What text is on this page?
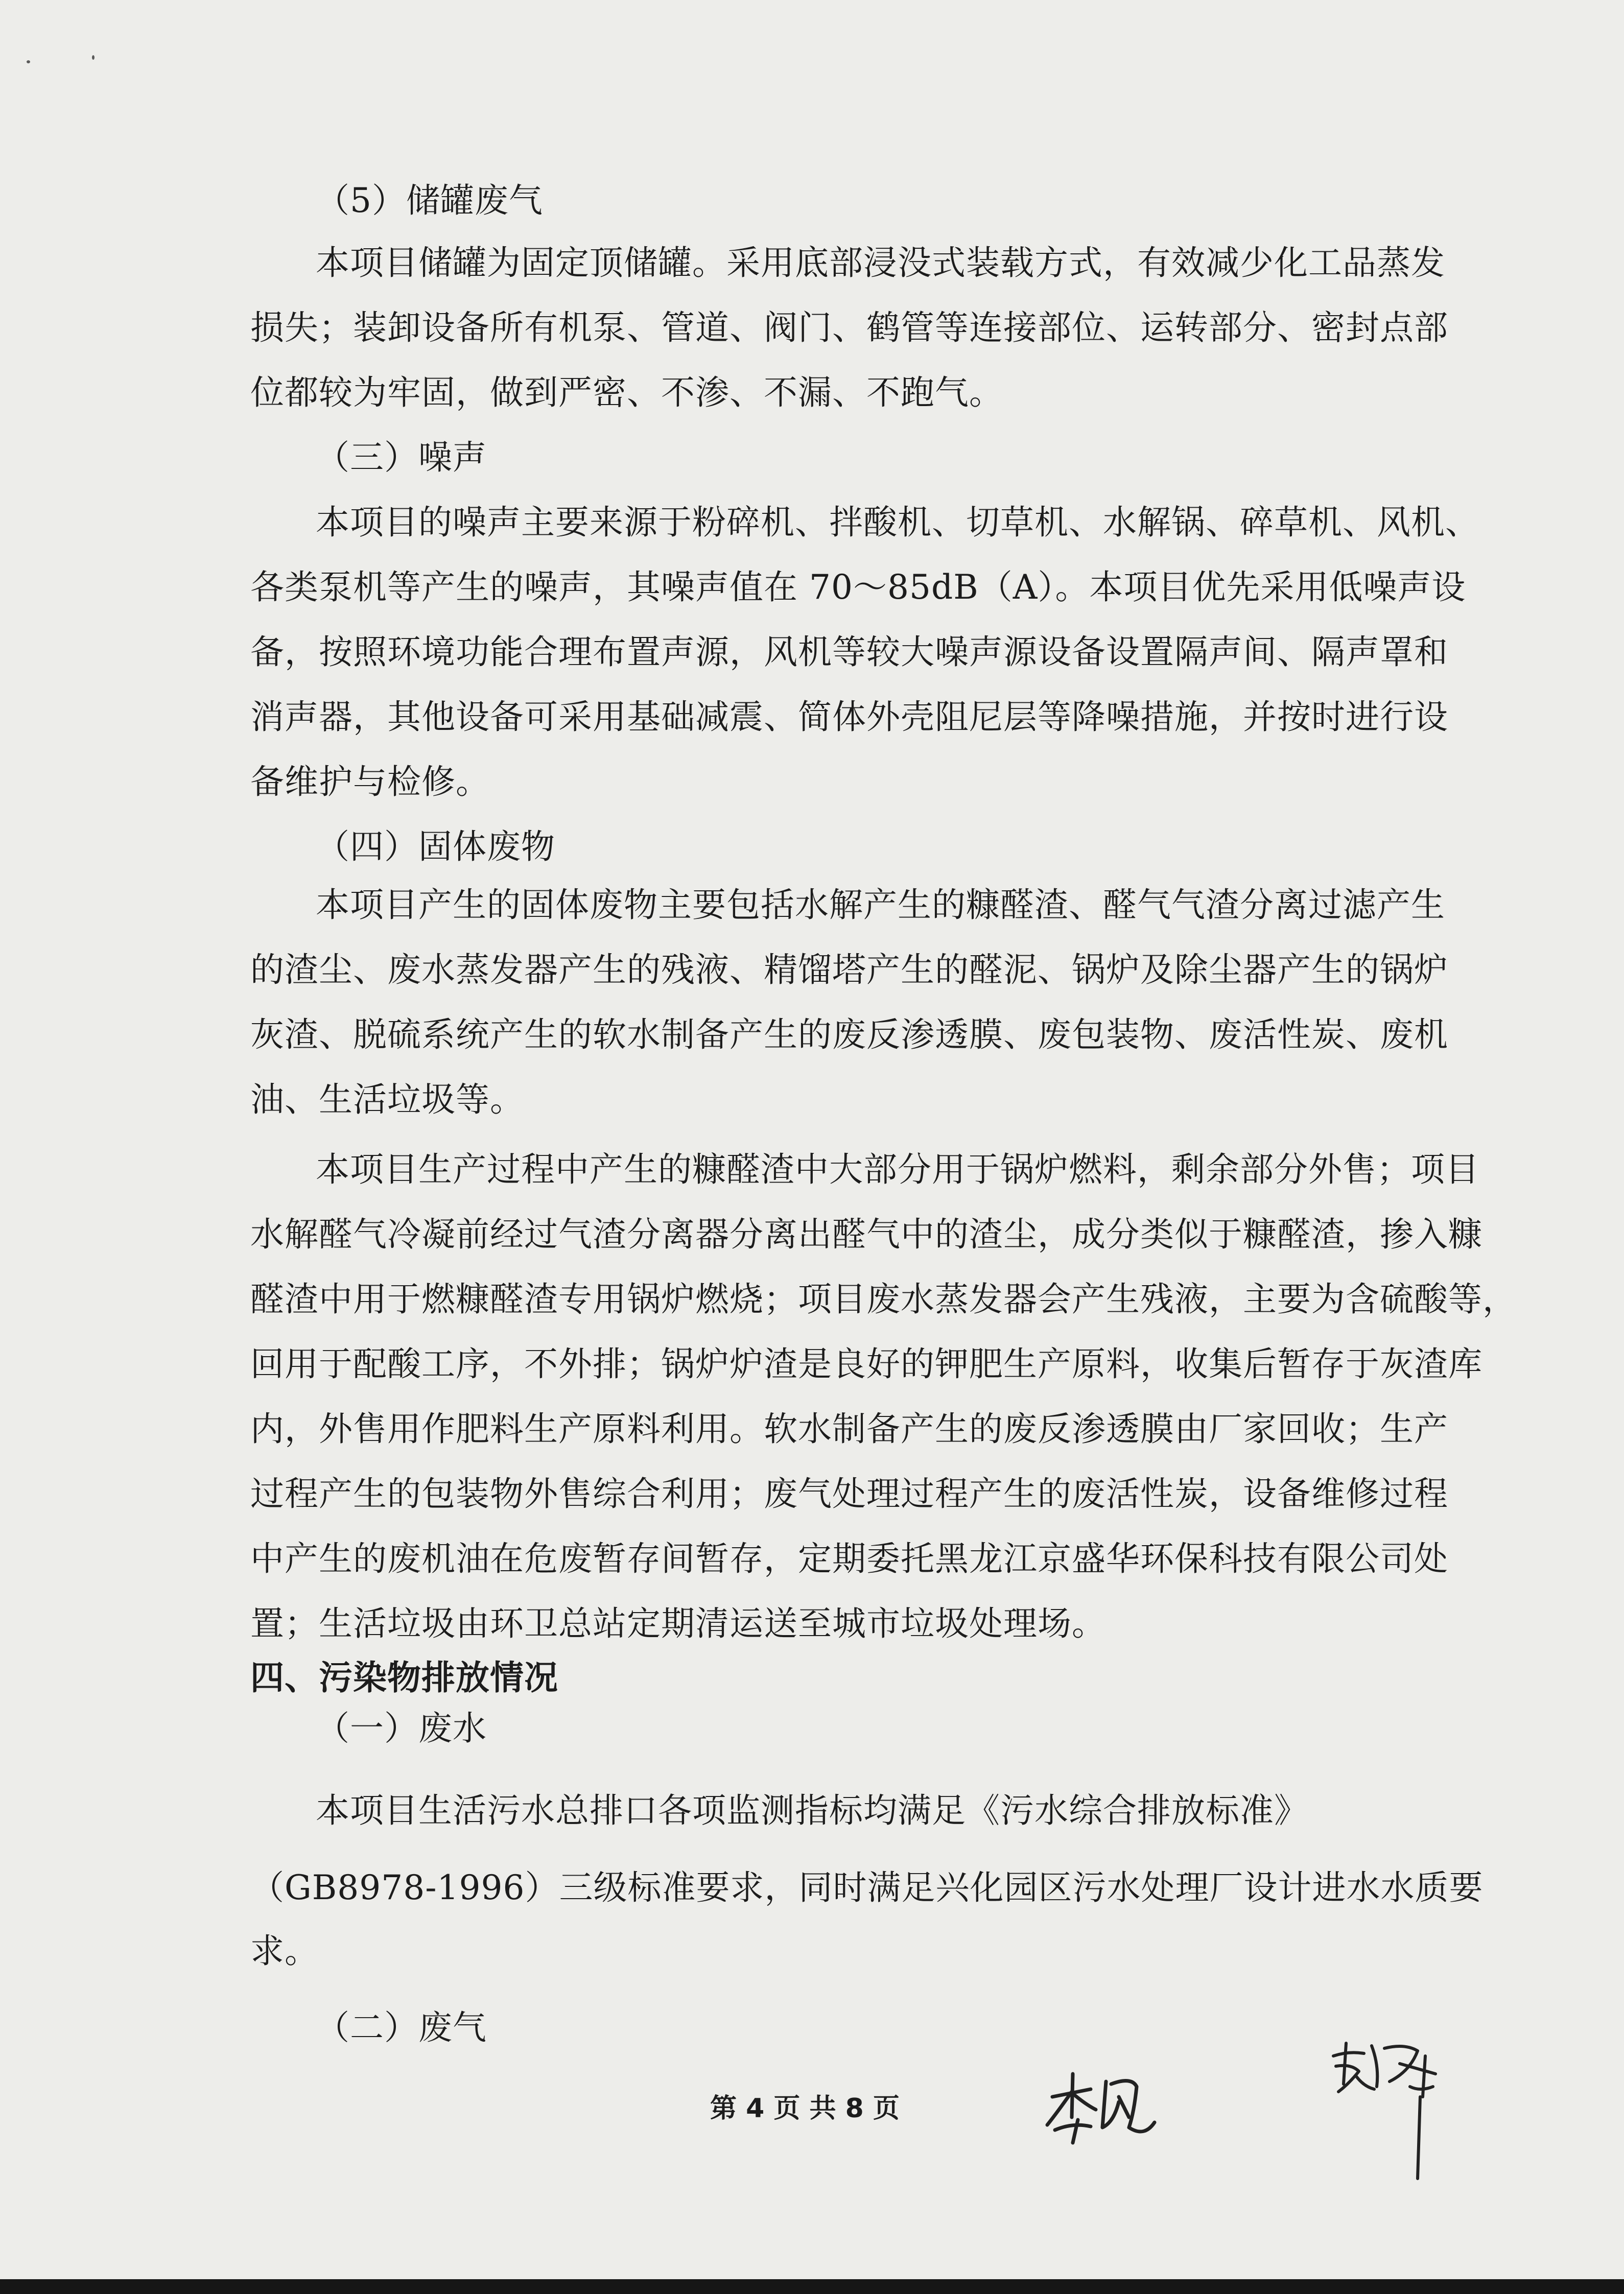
（5）储罐废气

本项目储罐为固定顶储罐。采用底部浸没式装载方式，有效减少化工品蒸发

损失；装卸设备所有机泵、管道、阀门、鹤管等连接部位、运转部分、密封点部

位都较为牢固，做到严密、不渗、不漏、不跑气。

（三）噪声

本项目的噪声主要来源于粉碎机、拌酸机、切草机、水解锅、碎草机、风机、

各类泵机等产生的噪声，其噪声值在 70～85dB（A）。本项目优先采用低噪声设

备，按照环境功能合理布置声源，风机等较大噪声源设备设置隔声间、隔声罩和

消声器，其他设备可采用基础减震、简体外壳阻尼层等降噪措施，并按时进行设

备维护与检修。

（四）固体废物

本项目产生的固体废物主要包括水解产生的糠醛渣、醛气气渣分离过滤产生

的渣尘、废水蒸发器产生的残液、精馏塔产生的醛泥、锅炉及除尘器产生的锅炉

灰渣、脱硫系统产生的软水制备产生的废反渗透膜、废包装物、废活性炭、废机

油、生活垃圾等。

本项目生产过程中产生的糠醛渣中大部分用于锅炉燃料，剩余部分外售；项目

水解醛气冷凝前经过气渣分离器分离出醛气中的渣尘，成分类似于糠醛渣，掺入糠

醛渣中用于燃糠醛渣专用锅炉燃烧；项目废水蒸发器会产生残液，主要为含硫酸等，

回用于配酸工序，不外排；锅炉炉渣是良好的钾肥生产原料，收集后暂存于灰渣库

内，外售用作肥料生产原料利用。软水制备产生的废反渗透膜由厂家回收；生产

过程产生的包装物外售综合利用；废气处理过程产生的废活性炭，设备维修过程

中产生的废机油在危废暂存间暂存，定期委托黑龙江京盛华环保科技有限公司处

置；生活垃圾由环卫总站定期清运送至城市垃圾处理场。

四、污染物排放情况

（一）废水

本项目生活污水总排口各项监测指标均满足《污水综合排放标准》

（GB8978-1996）三级标准要求，同时满足兴化园区污水处理厂设计进水水质要

求。

（二）废气

第 4 页 共 8 页
